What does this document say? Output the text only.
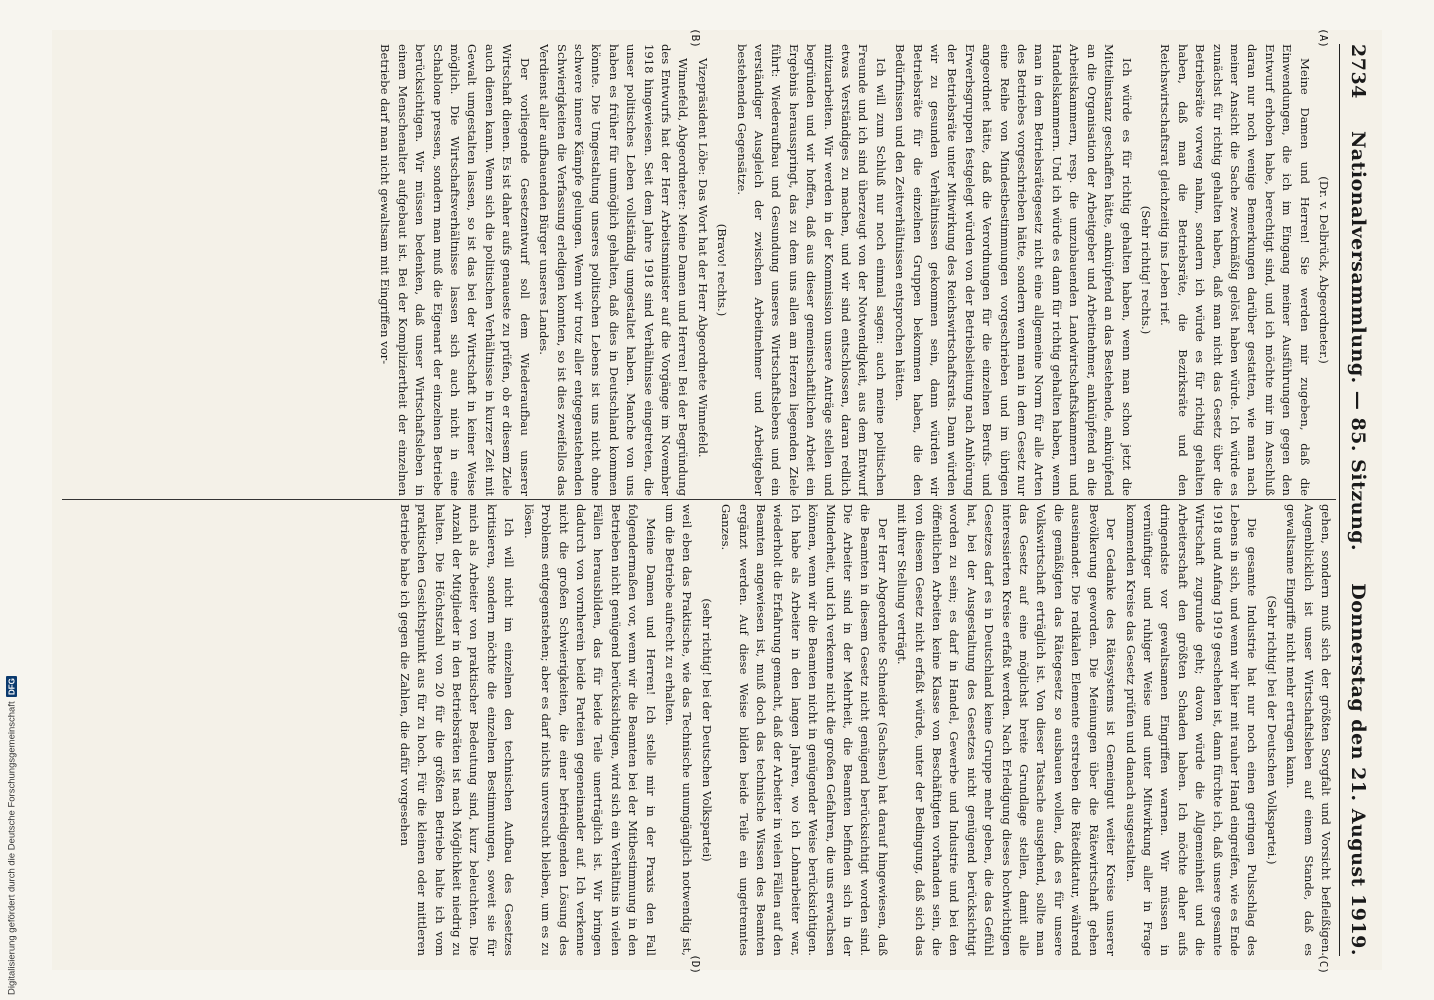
2734
Nationalversammlung. — 85. Sitzung.
Donnerstag den 21. August 1919.
(A)
(B)
(C)
(D)

(Dr. v. Delbrück, Abgeordneter.)

Meine Damen und Herren! Sie werden mir zugeben, daß die Einwendungen, die ich im Eingang meiner Ausführungen gegen den Entwurf erhoben habe, berechtigt sind, und ich möchte mir im Anschluß daran nur noch wenige Bemerkungen darüber gestatten, wie man nach meiner Ansicht die Sache zweckmäßig gelöst haben würde. Ich würde es zunächst für richtig gehalten haben, daß man nicht das Gesetz über die Betriebsräte vorweg nahm, sondern ich würde es für richtig gehalten haben, daß man die Betriebsräte, die Bezirksräte und den Reichswirtschaftsrat gleichzeitig ins Leben rief.

(Sehr richtig! rechts.)

Ich würde es für richtig gehalten haben, wenn man schon jetzt die Mittelinstanz geschaffen hätte, anknüpfend an das Bestehende, anknüpfend an die Organisation der Arbeitgeber und Arbeitnehmer, anknüpfend an die Arbeitskammern, resp. die umzubauenden Landwirtschaftskammern und Handelskammern. Und ich würde es dann für richtig gehalten haben, wenn man in dem Betriebsrätegesetz nicht eine allgemeine Norm für alle Arten des Betriebes vorgeschrieben hätte, sondern wenn man in dem Gesetz nur eine Reihe von Mindestbestimmungen vorgeschrieben und im übrigen angeordnet hätte, daß die Verordnungen für die einzelnen Berufs- und Erwerbsgruppen festgelegt würden von der Betriebsleitung nach Anhörung der Betriebsräte unter Mitwirkung des Reichswirtschaftsrats. Dann würden wir zu gesunden Verhältnissen gekommen sein, dann würden wir Betriebsräte für die einzelnen Gruppen bekommen haben, die den Bedürfnissen und den Zeitverhältnissen entsprochen hätten.

Ich will zum Schluß nur noch einmal sagen: auch meine politischen Freunde und ich sind überzeugt von der Notwendigkeit, aus dem Entwurf etwas Verständiges zu machen, und wir sind entschlossen, daran redlich mitzuarbeiten. Wir werden in der Kommission unsere Anträge stellen und begründen und wir hoffen, daß aus dieser gemeinschaftlichen Arbeit ein Ergebnis herausspringt, das zu dem uns allen am Herzen liegenden Ziele führt: Wiederaufbau und Gesundung unseres Wirtschaftslebens und ein verständiger Ausgleich der zwischen Arbeitnehmer und Arbeitgeber bestehenden Gegensätze.

(Bravo! rechts.)

Vizepräsident Löbe: Das Wort hat der Herr Abgeordnete Winnefeld.

Winnefeld, Abgeordneter: Meine Damen und Herren! Bei der Begründung des Entwurfs hat der Herr Arbeitsminister auf die Vorgänge im November 1918 hingewiesen. Seit dem Jahre 1918 sind Verhältnisse eingetreten, die unser politisches Leben vollständig umgestaltet haben. Manche von uns haben es früher für unmöglich gehalten, daß dies in Deutschland kommen könnte. Die Umgestaltung unseres politischen Lebens ist uns nicht ohne schwere innere Kämpfe gelungen. Wenn wir trotz aller entgegenstehenden Schwierigkeiten die Verfassung erledigen konnten, so ist dies zweifellos das Verdienst aller aufbauenden Bürger unseres Landes.

Der vorliegende Gesetzentwurf soll dem Wiederaufbau unserer Wirtschaft dienen. Es ist daher aufs genaueste zu prüfen, ob er diesem Ziele auch dienen kann. Wenn sich die politischen Verhältnisse in kurzer Zeit mit Gewalt umgestalten lassen, so ist das bei der Wirtschaft in keiner Weise möglich. Die Wirtschaftsverhältnisse lassen sich auch nicht in eine Schablone pressen, sondern man muß die Eigenart der einzelnen Betriebe berücksichtigen. Wir müssen bedenken, daß unser Wirtschaftsleben in einem Menschenalter aufgebaut ist. Bei der Kompliziertheit der einzelnen Betriebe darf man nicht gewaltsam mit Eingriffen vor-

gehen, sondern muß sich der größten Sorgfalt und Vorsicht befleißigen. Augenblicklich ist unser Wirtschaftsleben auf einem Stande, daß es gewaltsame Eingriffe nicht mehr ertragen kann.

(Sehr richtig! bei der Deutschen Volkspartei.)

Die gesamte Industrie hat nur noch einen geringen Pulsschlag des Lebens in sich, und wenn wir hier mit rauher Hand eingreifen, wie es Ende 1918 und Anfang 1919 geschehen ist, dann fürchte ich, daß unsere gesamte Wirtschaft zugrunde geht; davon würde die Allgemeinheit und die Arbeiterschaft den größten Schaden haben. Ich möchte daher aufs dringendste vor gewaltsamen Eingriffen warnen. Wir müssen in vernünftiger und ruhiger Weise und unter Mitwirkung aller in Frage kommenden Kreise das Gesetz prüfen und danach ausgestalten.

Der Gedanke des Rätesystems ist Gemeingut weiter Kreise unserer Bevölkerung geworden. Die Meinungen über die Rätewirtschaft gehen auseinander. Die radikalen Elemente erstreben die Rätediktatur, während die gemäßigten das Rätegesetz so ausbauen wollen, daß es für unsere Volkswirtschaft erträglich ist. Von dieser Tatsache ausgehend, sollte man das Gesetz auf eine möglichst breite Grundlage stellen, damit alle interessierten Kreise erfaßt werden. Nach Erledigung dieses hochwichtigen Gesetzes darf es in Deutschland keine Gruppe mehr geben, die das Gefühl hat, bei der Ausgestaltung des Gesetzes nicht genügend berücksichtigt worden zu sein; es darf in Handel, Gewerbe und Industrie und bei den öffentlichen Arbeiten keine Klasse von Beschäftigten vorhanden sein, die von diesem Gesetz nicht erfaßt würde, unter der Bedingung, daß sich das mit ihrer Stellung verträgt.

Der Herr Abgeordnete Schneider (Sachsen) hat darauf hingewiesen, daß die Beamten in diesem Gesetz nicht genügend berücksichtigt worden sind. Die Arbeiter sind in der Mehrheit, die Beamten befinden sich in der Minderheit, und ich verkenne nicht die großen Gefahren, die uns erwachsen können, wenn wir die Beamten nicht in genügender Weise berücksichtigen. Ich habe als Arbeiter in den langen Jahren, wo ich Lohnarbeiter war, wiederholt die Erfahrung gemacht, daß der Arbeiter in vielen Fällen auf den Beamten angewiesen ist, muß doch das technische Wissen des Beamten ergänzt werden. Auf diese Weise bilden beide Teile ein ungetrenntes Ganzes.

(sehr richtig! bei der Deutschen Volkspartei)

weil eben das Praktische, wie das Technische unumgänglich notwendig ist, um die Betriebe aufrecht zu erhalten.

Meine Damen und Herren! Ich stelle mir in der Praxis den Fall folgendermaßen vor, wenn wir die Beamten bei der Mitbestimmung in den Betrieben nicht genügend berücksichtigen, wird sich ein Verhältnis in vielen Fällen herausbilden, das für beide Teile unerträglich ist. Wir bringen dadurch von vornherein beide Parteien gegeneinander auf. Ich verkenne nicht die großen Schwierigkeiten, die einer befriedigenden Lösung des Problems entgegenstehen; aber es darf nichts unversucht bleiben, um es zu lösen.

Ich will nicht im einzelnen den technischen Aufbau des Gesetzes kritisieren, sondern möchte die einzelnen Bestimmungen, soweit sie für mich als Arbeiter von praktischer Bedeutung sind, kurz beleuchten. Die Anzahl der Mitglieder in den Betriebsräten ist nach Möglichkeit niedrig zu halten. Die Höchstzahl von 20 für die größten Betriebe halte ich vom praktischen Gesichtspunkt aus für zu hoch. Für die kleinen oder mittleren Betriebe habe ich gegen die Zahlen, die dafür vorgesehen

Digitalisierung gefördert durch die Deutsche Forschungsgemeinschaft
DFG
